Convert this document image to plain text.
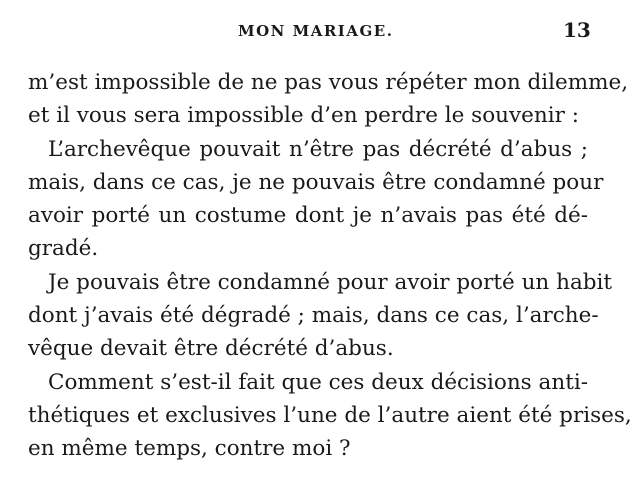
MON MARIAGE.	13
m’est impossible de ne pas vous répéter mon dilemme,
et il vous sera impossible d’en perdre le souvenir :
L’archevêque pouvait n’être pas décrété d’abus ;
mais, dans ce cas, je ne pouvais être condamné pour
avoir porté un costume dont je n’avais pas été dé-
gradé.
Je pouvais être condamné pour avoir porté un habit
dont j’avais été dégradé ; mais, dans ce cas, l’arche-
vêque devait être décrété d’abus.
Comment s’est-il fait que ces deux décisions anti-
thétiques et exclusives l’une de l’autre aient été prises,
en même temps, contre moi ?
